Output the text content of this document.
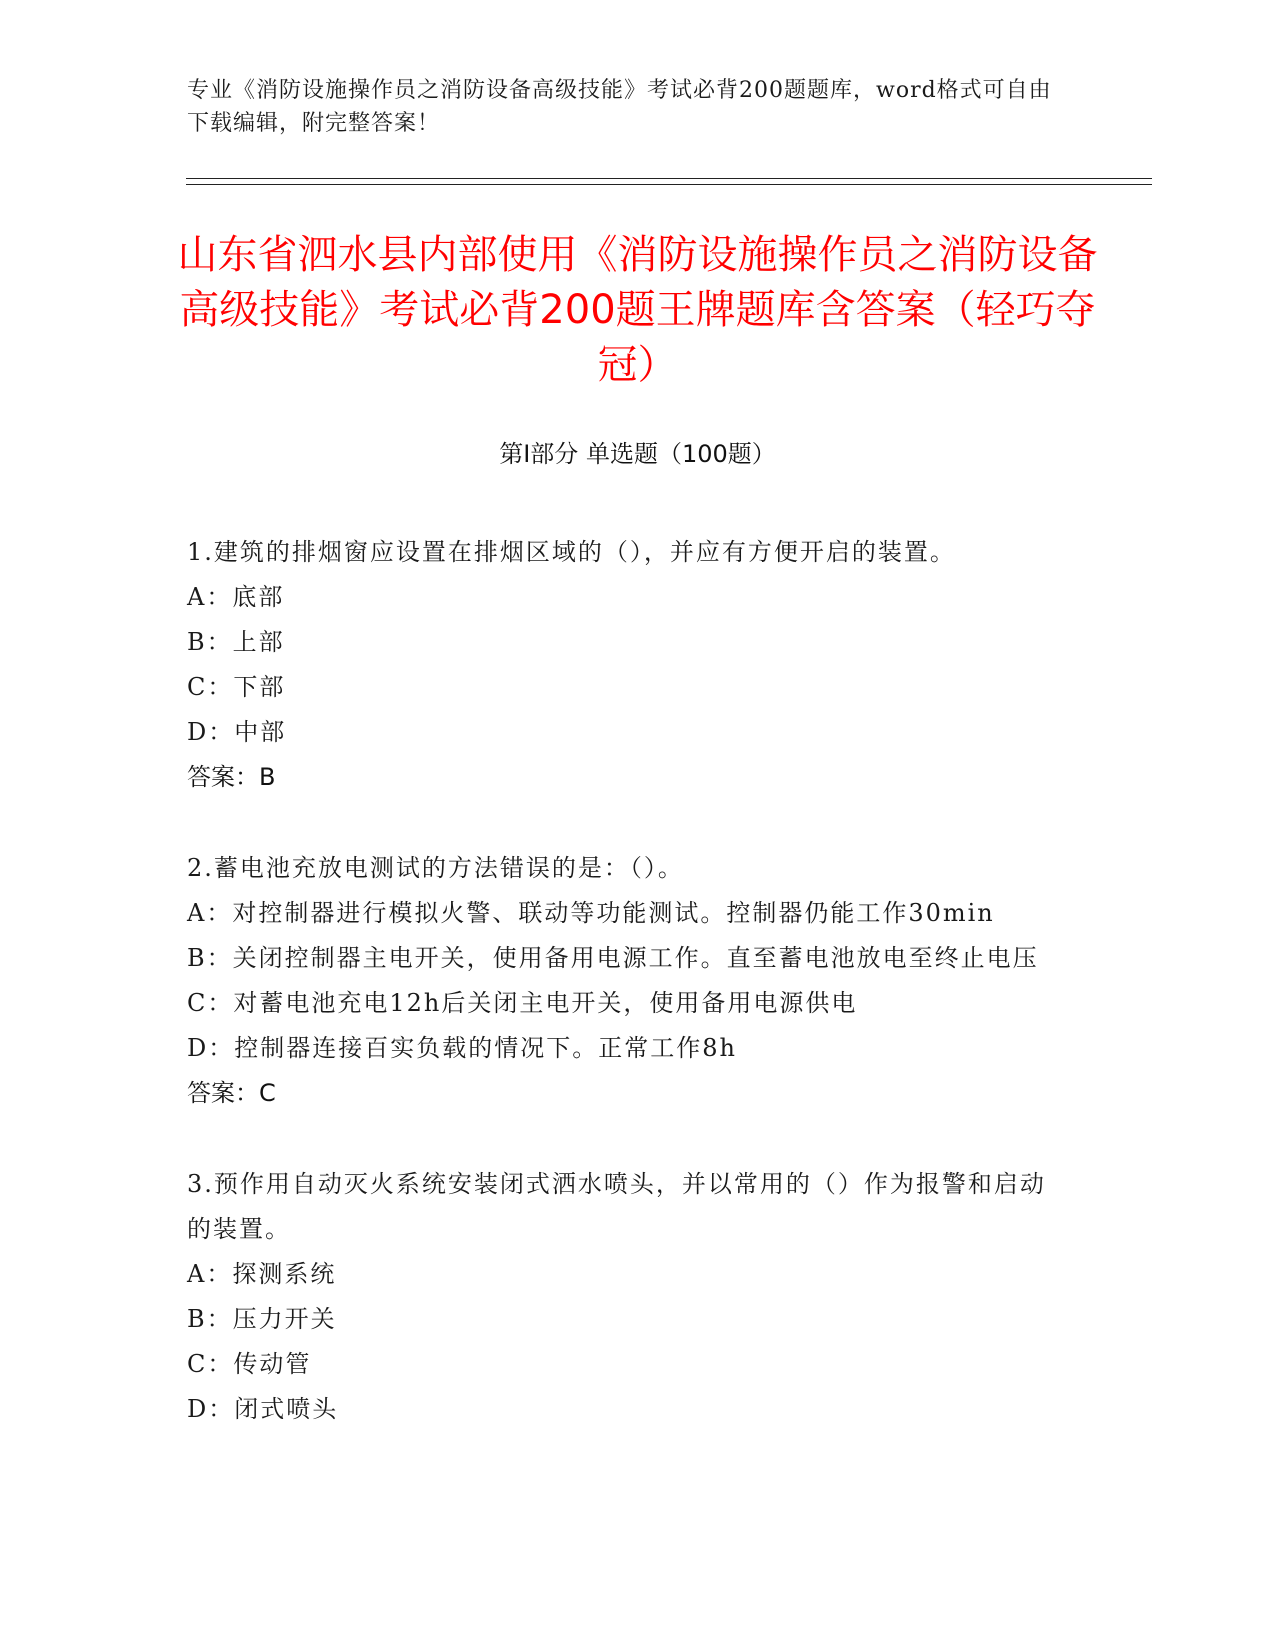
专业《消防设施操作员之消防设备高级技能》考试必背200题题库，word格式可自由下载编辑，附完整答案！
山东省泗水县内部使用《消防设施操作员之消防设备高级技能》考试必背200题王牌题库含答案（轻巧夺冠）
第Ⅰ部分 单选题（100题）
1.建筑的排烟窗应设置在排烟区域的（），并应有方便开启的装置。
A：底部
B：上部
C：下部
D：中部
答案：B
2.蓄电池充放电测试的方法错误的是：（）。
A：对控制器进行模拟火警、联动等功能测试。控制器仍能工作30min
B：关闭控制器主电开关，使用备用电源工作。直至蓄电池放电至终止电压
C：对蓄电池充电12h后关闭主电开关，使用备用电源供电
D：控制器连接百实负载的情况下。正常工作8h
答案：C
3.预作用自动灭火系统安装闭式洒水喷头，并以常用的（）作为报警和启动的装置。
A：探测系统
B：压力开关
C：传动管
D：闭式喷头
